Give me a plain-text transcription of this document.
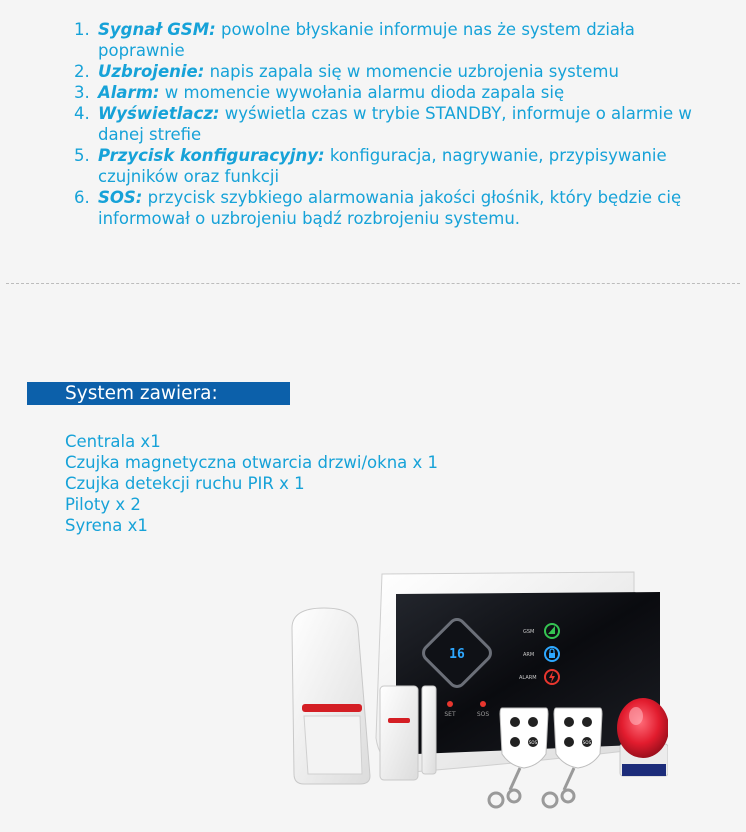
1. Sygnał GSM: powolne błyskanie informuje nas że system działa poprawnie
2. Uzbrojenie: napis zapala się w momencie uzbrojenia systemu
3. Alarm: w momencie wywołania alarmu dioda zapala się
4. Wyświetlacz: wyświetla czas w trybie STANDBY, informuje o alarmie w danej strefie
5. Przycisk konfiguracyjny: konfiguracja, nagrywanie, przypisywanie czujników oraz funkcji
6. SOS: przycisk szybkiego alarmowania jakości głośnik, który będzie cię informował o uzbrojeniu bądź rozbrojeniu systemu.
System zawiera:
Centrala x1
Czujka magnetyczna otwarcia drzwi/okna x 1
Czujka detekcji ruchu PIR x 1
Piloty x 2
Syrena x1
16
GSM
ARM
ALARM
SET	SOS
SOS	SOS
